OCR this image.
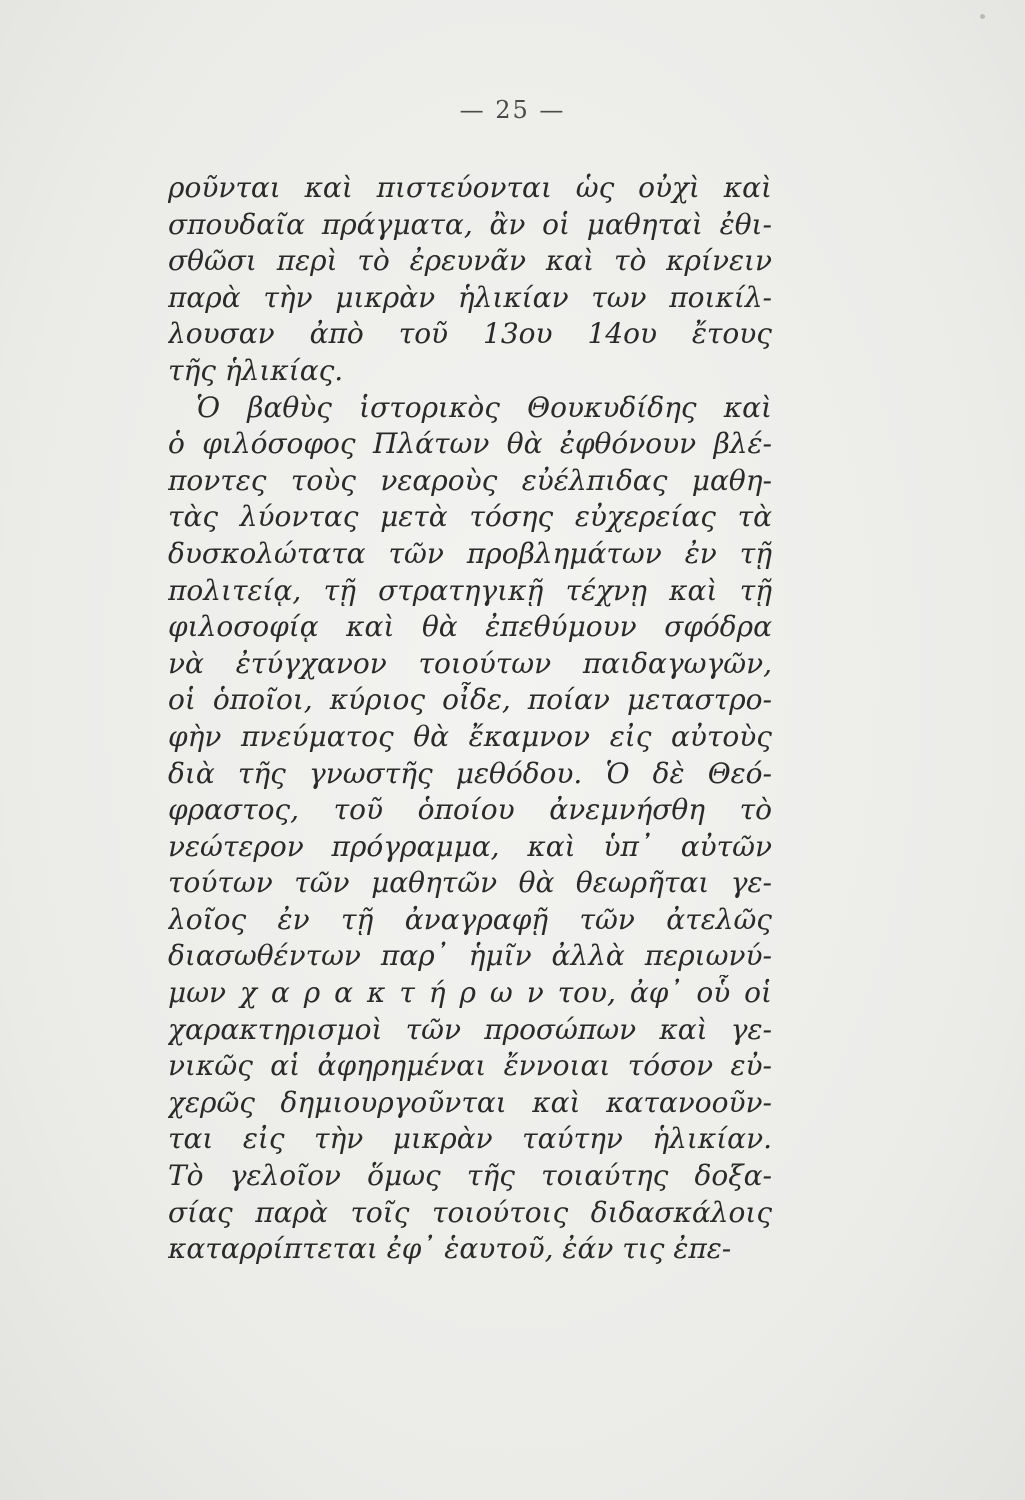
— 25 —
ροῦνται καὶ πιστεύονται ὡς οὐχὶ καὶ
σπουδαῖα πράγματα, ἂν οἱ μαθηταὶ ἐθι-
σθῶσι περὶ τὸ ἐρευνᾶν καὶ τὸ κρίνειν
παρὰ τὴν μικρὰν ἡλικίαν των ποικίλ-
λουσαν ἀπὸ τοῦ 13ου 14ου ἔτους
τῆς ἡλικίας.
Ὁ βαθὺς ἱστορικὸς Θουκυδίδης καὶ
ὁ φιλόσοφος Πλάτων θὰ ἐφθόνουν βλέ-
ποντες τοὺς νεαροὺς εὐέλπιδας μαθη-
τὰς λύοντας μετὰ τόσης εὐχερείας τὰ
δυσκολώτατα τῶν προβλημάτων ἐν τῇ
πολιτείᾳ, τῇ στρατηγικῇ τέχνῃ καὶ τῇ
φιλοσοφίᾳ καὶ θὰ ἐπεθύμουν σφόδρα
νὰ ἐτύγχανον τοιούτων παιδαγωγῶν,
οἱ ὁποῖοι, κύριος οἶδε, ποίαν μεταστρο-
φὴν πνεύματος θὰ ἔκαμνον εἰς αὐτοὺς
διὰ τῆς γνωστῆς μεθόδου. Ὁ δὲ Θεό-
φραστος, τοῦ ὁποίου ἀνεμνήσθη τὸ
νεώτερον πρόγραμμα, καὶ ὑπ᾽ αὐτῶν
τούτων τῶν μαθητῶν θὰ θεωρῆται γε-
λοῖος ἐν τῇ ἀναγραφῇ τῶν ἀτελῶς
διασωθέντων παρ᾽ ἡμῖν ἀλλὰ περιωνύ-
μων χ α ρ α κ τ ή ρ ω ν του, ἀφ᾽ οὗ οἱ
χαρακτηρισμοὶ τῶν προσώπων καὶ γε-
νικῶς αἱ ἀφηρημέναι ἔννοιαι τόσον εὐ-
χερῶς δημιουργοῦνται καὶ κατανοοῦν-
ται εἰς τὴν μικρὰν ταύτην ἡλικίαν.
Τὸ γελοῖον ὅμως τῆς τοιαύτης δοξα-
σίας παρὰ τοῖς τοιούτοις διδασκάλοις
καταρρίπτεται ἐφ᾽ ἑαυτοῦ, ἐάν τις ἐπε-
